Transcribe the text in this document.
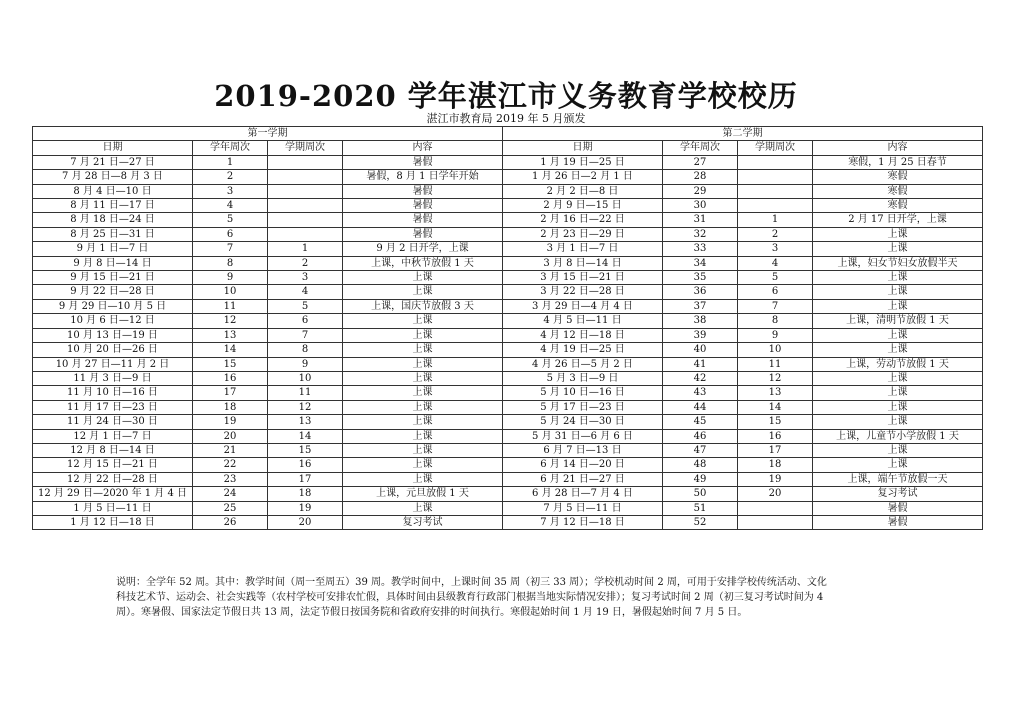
2019-2020 学年湛江市义务教育学校校历
湛江市教育局 2019 年 5 月颁发
第一学期				第二学期			
日期	学年周次	学期周次	内容	日期	学年周次	学期周次	内容
7 月 21 日—27 日	1		暑假	1 月 19 日—25 日	27		寒假，1 月 25 日春节
7 月 28 日—8 月 3 日	2		暑假，8 月 1 日学年开始	1 月 26 日—2 月 1 日	28		寒假
8 月 4 日—10 日	3		暑假	2 月 2 日—8 日	29		寒假
8 月 11 日—17 日	4		暑假	2 月 9 日—15 日	30		寒假
8 月 18 日—24 日	5		暑假	2 月 16 日—22 日	31	1	2 月 17 日开学，上课
8 月 25 日—31 日	6		暑假	2 月 23 日—29 日	32	2	上课
9 月 1 日—7 日	7	1	9 月 2 日开学，上课	3 月 1 日—7 日	33	3	上课
9 月 8 日—14 日	8	2	上课，中秋节放假 1 天	3 月 8 日—14 日	34	4	上课，妇女节妇女放假半天
9 月 15 日—21 日	9	3	上课	3 月 15 日—21 日	35	5	上课
9 月 22 日—28 日	10	4	上课	3 月 22 日—28 日	36	6	上课
9 月 29 日—10 月 5 日	11	5	上课，国庆节放假 3 天	3 月 29 日—4 月 4 日	37	7	上课
10 月 6 日—12 日	12	6	上课	4 月 5 日—11 日	38	8	上课，清明节放假 1 天
10 月 13 日—19 日	13	7	上课	4 月 12 日—18 日	39	9	上课
10 月 20 日—26 日	14	8	上课	4 月 19 日—25 日	40	10	上课
10 月 27 日—11 月 2 日	15	9	上课	4 月 26 日—5 月 2 日	41	11	上课，劳动节放假 1 天
11 月 3 日—9 日	16	10	上课	5 月 3 日—9 日	42	12	上课
11 月 10 日—16 日	17	11	上课	5 月 10 日—16 日	43	13	上课
11 月 17 日—23 日	18	12	上课	5 月 17 日—23 日	44	14	上课
11 月 24 日—30 日	19	13	上课	5 月 24 日—30 日	45	15	上课
12 月 1 日—7 日	20	14	上课	5 月 31 日—6 月 6 日	46	16	上课，儿童节小学放假 1 天
12 月 8 日—14 日	21	15	上课	6 月 7 日—13 日	47	17	上课
12 月 15 日—21 日	22	16	上课	6 月 14 日—20 日	48	18	上课
12 月 22 日—28 日	23	17	上课	6 月 21 日—27 日	49	19	上课，端午节放假一天
12 月 29 日—2020 年 1 月 4 日	24	18	上课，元旦放假 1 天	6 月 28 日—7 月 4 日	50	20	复习考试
1 月 5 日—11 日	25	19	上课	7 月 5 日—11 日	51		暑假
1 月 12 日—18 日	26	20	复习考试	7 月 12 日—18 日	52		暑假
说明：全学年 52 周。其中：教学时间（周一至周五）39 周。教学时间中，上课时间 35 周（初三 33 周）；学校机动时间 2 周，可用于安排学校传统活动、文化
科技艺术节、运动会、社会实践等（农村学校可安排农忙假，具体时间由县级教育行政部门根据当地实际情况安排）；复习考试时间 2 周（初三复习考试时间为 4
周）。寒暑假、国家法定节假日共 13 周，法定节假日按国务院和省政府安排的时间执行。寒假起始时间 1 月 19 日，暑假起始时间 7 月 5 日。
